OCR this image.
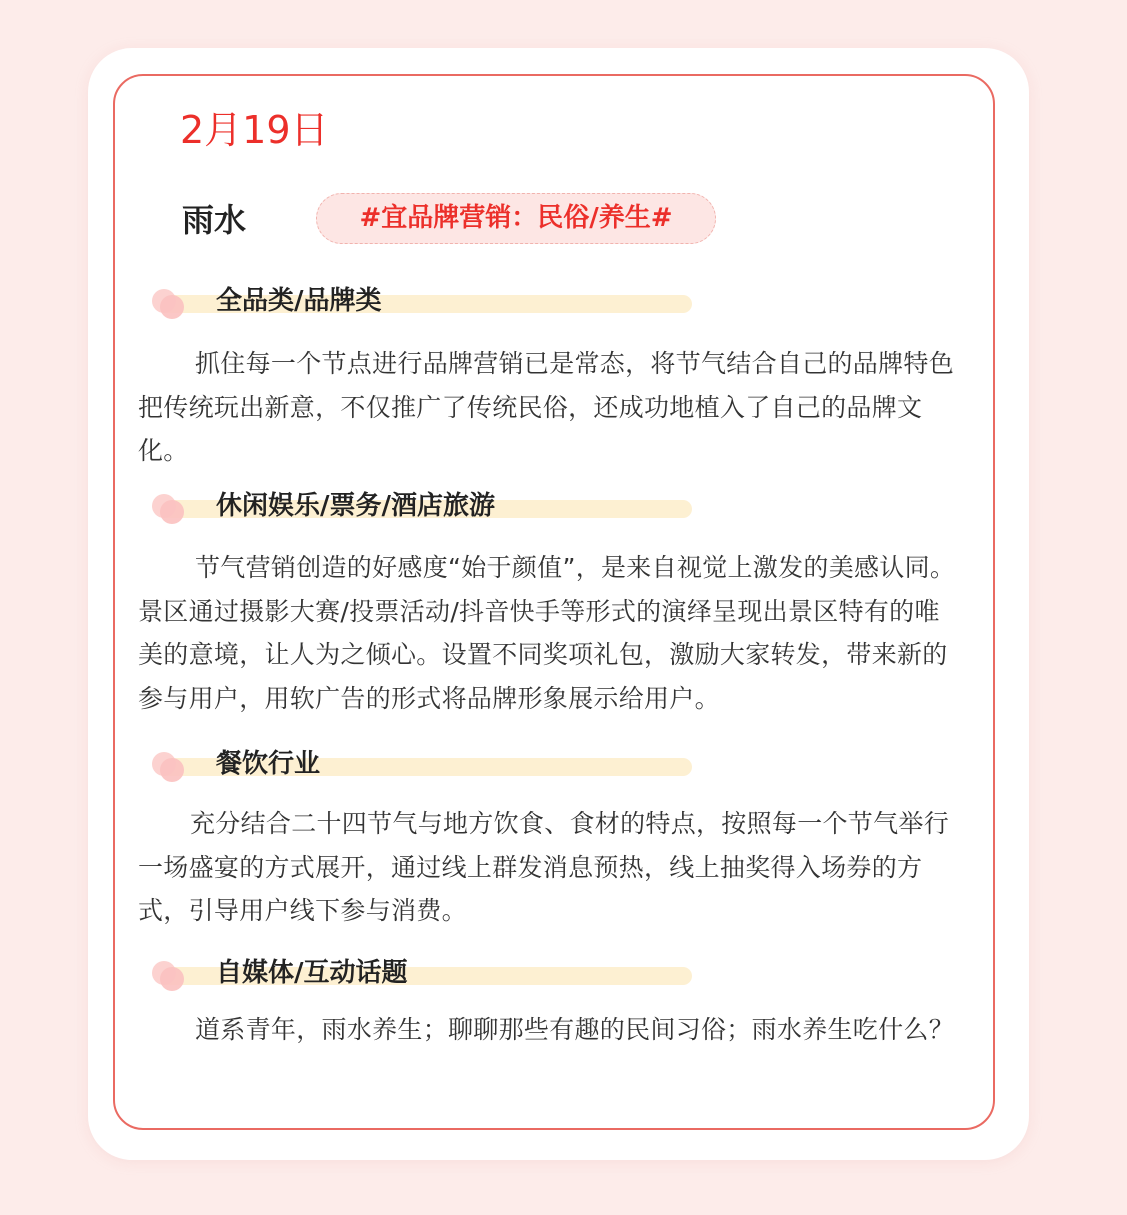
2月19日
雨水	#宜品牌营销：民俗/养生#
全品类/品牌类

抓住每一个节点进行品牌营销已是常态，将节气结合自己的品牌特色把传统玩出新意，不仅推广了传统民俗，还成功地植入了自己的品牌文化。

休闲娱乐/票务/酒店旅游

节气营销创造的好感度“始于颜值”，是来自视觉上激发的美感认同。景区通过摄影大赛/投票活动/抖音快手等形式的演绎呈现出景区特有的唯美的意境，让人为之倾心。设置不同奖项礼包，激励大家转发，带来新的参与用户，用软广告的形式将品牌形象展示给用户。

餐饮行业

充分结合二十四节气与地方饮食、食材的特点，按照每一个节气举行一场盛宴的方式展开，通过线上群发消息预热，线上抽奖得入场券的方式，引导用户线下参与消费。

自媒体/互动话题

道系青年，雨水养生；聊聊那些有趣的民间习俗；雨水养生吃什么？
